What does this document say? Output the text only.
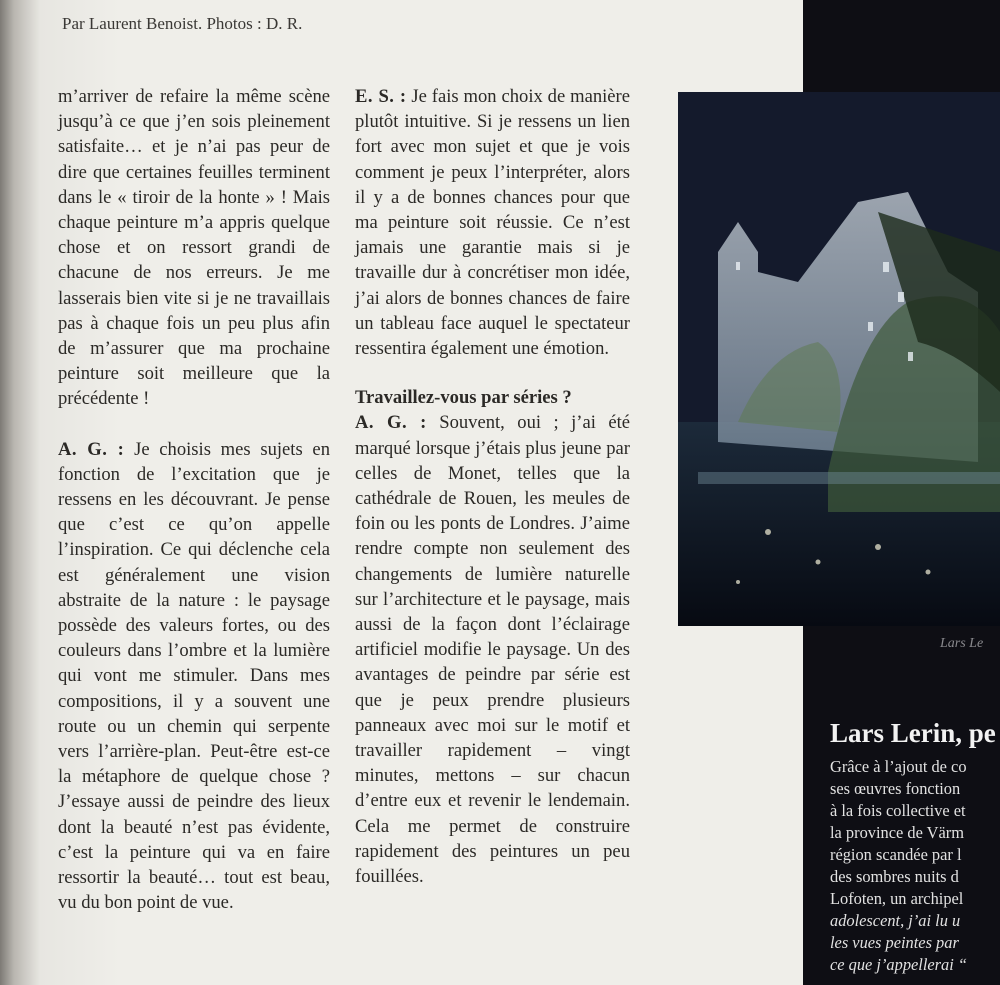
Par Laurent Benoist. Photos : D. R.

m’arriver de refaire la même scène jusqu’à ce que j’en sois pleinement satisfaite… et je n’ai pas peur de dire que certaines feuilles terminent dans le « tiroir de la honte » ! Mais chaque peinture m’a appris quelque chose et on ressort grandi de chacune de nos erreurs. Je me lasserais bien vite si je ne travaillais pas à chaque fois un peu plus afin de m’assurer que ma prochaine peinture soit meilleure que la précédente !

A. G. : Je choisis mes sujets en fonction de l’excitation que je ressens en les découvrant. Je pense que c’est ce qu’on appelle l’inspiration. Ce qui déclenche cela est généralement une vision abstraite de la nature : le paysage possède des valeurs fortes, ou des couleurs dans l’ombre et la lumière qui vont me stimuler. Dans mes compositions, il y a souvent une route ou un chemin qui serpente vers l’arrière-plan. Peut-être est-ce la métaphore de quelque chose ? J’essaye aussi de peindre des lieux dont la beauté n’est pas évidente, c’est la peinture qui va en faire ressortir la beauté… tout est beau, vu du bon point de vue.

E. S. : Je fais mon choix de manière plutôt intuitive. Si je ressens un lien fort avec mon sujet et que je vois comment je peux l’interpréter, alors il y a de bonnes chances pour que ma peinture soit réussie. Ce n’est jamais une garantie mais si je travaille dur à concrétiser mon idée, j’ai alors de bonnes chances de faire un tableau face auquel le spectateur ressentira également une émotion.

Travaillez-vous par séries ?

A. G. : Souvent, oui ; j’ai été marqué lorsque j’étais plus jeune par celles de Monet, telles que la cathédrale de Rouen, les meules de foin ou les ponts de Londres. J’aime rendre compte non seulement des changements de lumière naturelle sur l’architecture et le paysage, mais aussi de la façon dont l’éclairage artificiel modifie le paysage. Un des avantages de peindre par série est que je peux prendre plusieurs panneaux avec moi sur le motif et travailler rapidement – vingt minutes, mettons – sur chacun d’entre eux et revenir le lendemain. Cela me permet de construire rapidement des peintures un peu fouillées.

Lars Le
Lars Lerin, pe
Grâce à l’ajout de co
ses œuvres fonction
à la fois collective et
la province de Värm
région scandée par l
des sombres nuits d
Lofoten, un archipel
adolescent, j’ai lu u
les vues peintes par
ce que j’appellerai “
